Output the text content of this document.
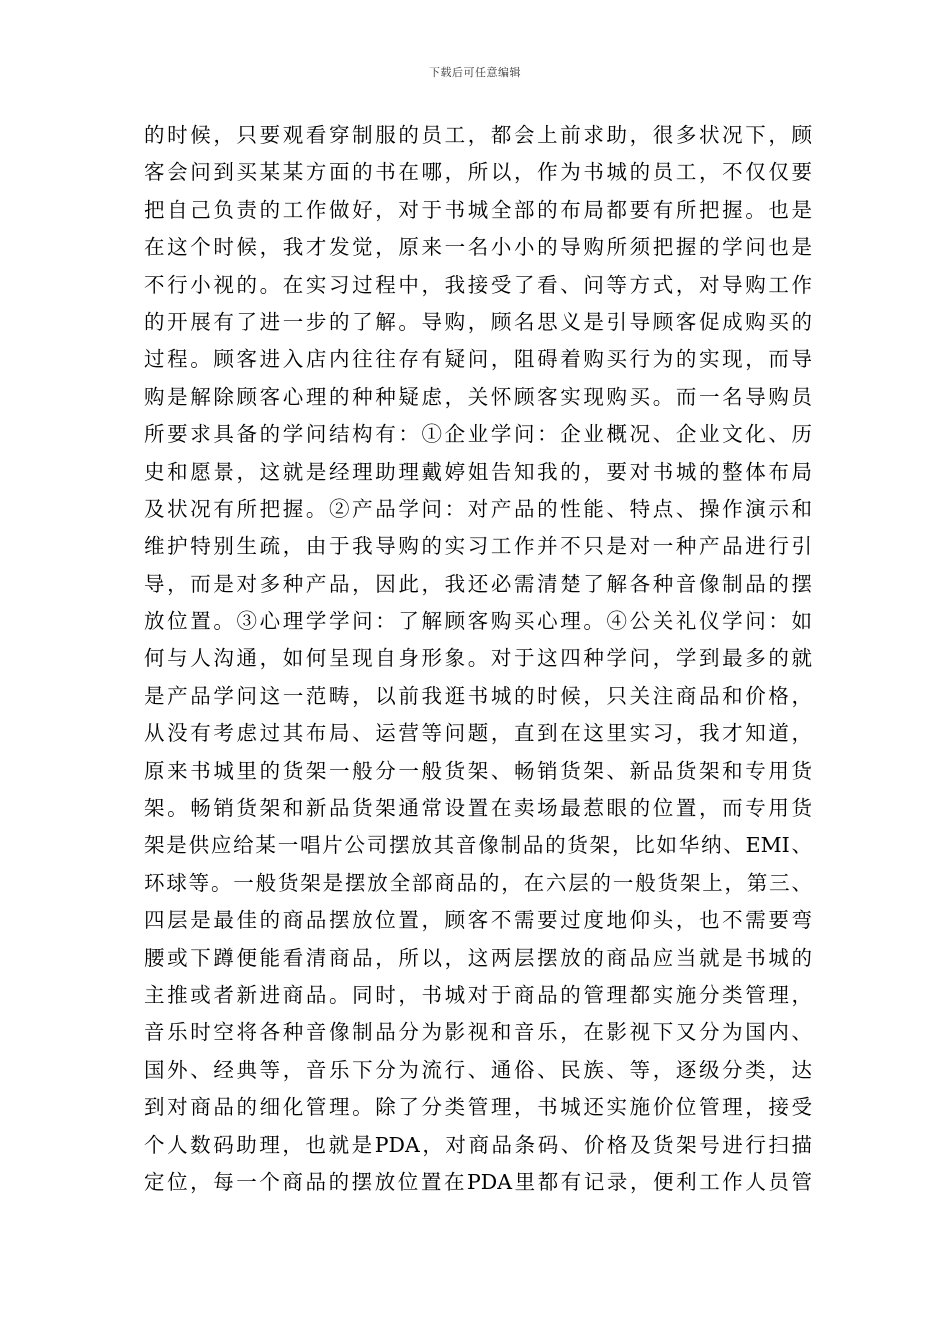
下载后可任意编辑
的时候，只要观看穿制服的员工，都会上前求助，很多状况下，顾
客会问到买某某方面的书在哪，所以，作为书城的员工，不仅仅要
把自己负责的工作做好，对于书城全部的布局都要有所把握。也是
在这个时候，我才发觉，原来一名小小的导购所须把握的学问也是
不行小视的。在实习过程中，我接受了看、问等方式，对导购工作
的开展有了进一步的了解。导购，顾名思义是引导顾客促成购买的
过程。顾客进入店内往往存有疑问，阻碍着购买行为的实现，而导
购是解除顾客心理的种种疑虑，关怀顾客实现购买。而一名导购员
所要求具备的学问结构有：①企业学问：企业概况、企业文化、历
史和愿景，这就是经理助理戴婷姐告知我的，要对书城的整体布局
及状况有所把握。②产品学问：对产品的性能、特点、操作演示和
维护特别生疏，由于我导购的实习工作并不只是对一种产品进行引
导，而是对多种产品，因此，我还必需清楚了解各种音像制品的摆
放位置。③心理学学问：了解顾客购买心理。④公关礼仪学问：如
何与人沟通，如何呈现自身形象。对于这四种学问，学到最多的就
是产品学问这一范畴，以前我逛书城的时候，只关注商品和价格，
从没有考虑过其布局、运营等问题，直到在这里实习，我才知道，
原来书城里的货架一般分一般货架、畅销货架、新品货架和专用货
架。畅销货架和新品货架通常设置在卖场最惹眼的位置，而专用货
架是供应给某一唱片公司摆放其音像制品的货架，比如华纳、EMI、
环球等。一般货架是摆放全部商品的，在六层的一般货架上，第三、
四层是最佳的商品摆放位置，顾客不需要过度地仰头，也不需要弯
腰或下蹲便能看清商品，所以，这两层摆放的商品应当就是书城的
主推或者新进商品。同时，书城对于商品的管理都实施分类管理，
音乐时空将各种音像制品分为影视和音乐，在影视下又分为国内、
国外、经典等，音乐下分为流行、通俗、民族、等，逐级分类，达
到对商品的细化管理。除了分类管理，书城还实施价位管理，接受
个人数码助理，也就是PDA，对商品条码、价格及货架号进行扫描
定位，每一个商品的摆放位置在PDA里都有记录，便利工作人员管
